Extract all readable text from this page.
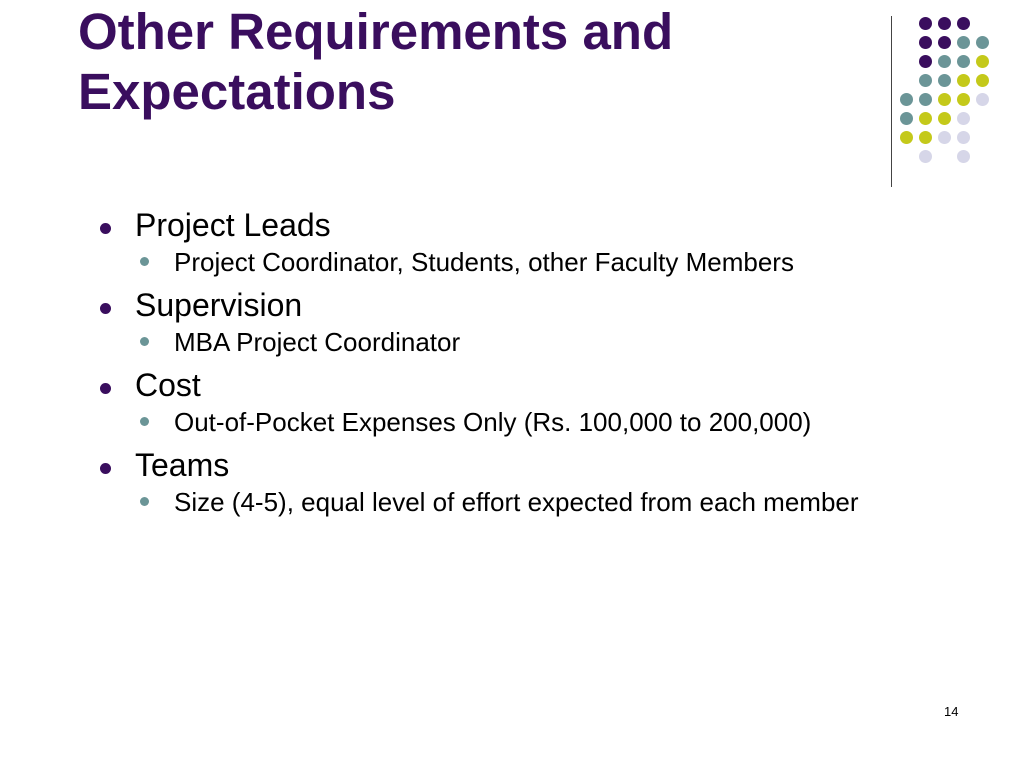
Other Requirements and Expectations

Project Leads

Project Coordinator, Students, other Faculty Members

Supervision

MBA Project Coordinator

Cost

Out-of-Pocket Expenses Only (Rs. 100,000 to 200,000)

Teams

Size (4-5), equal level of effort expected from each member

14
